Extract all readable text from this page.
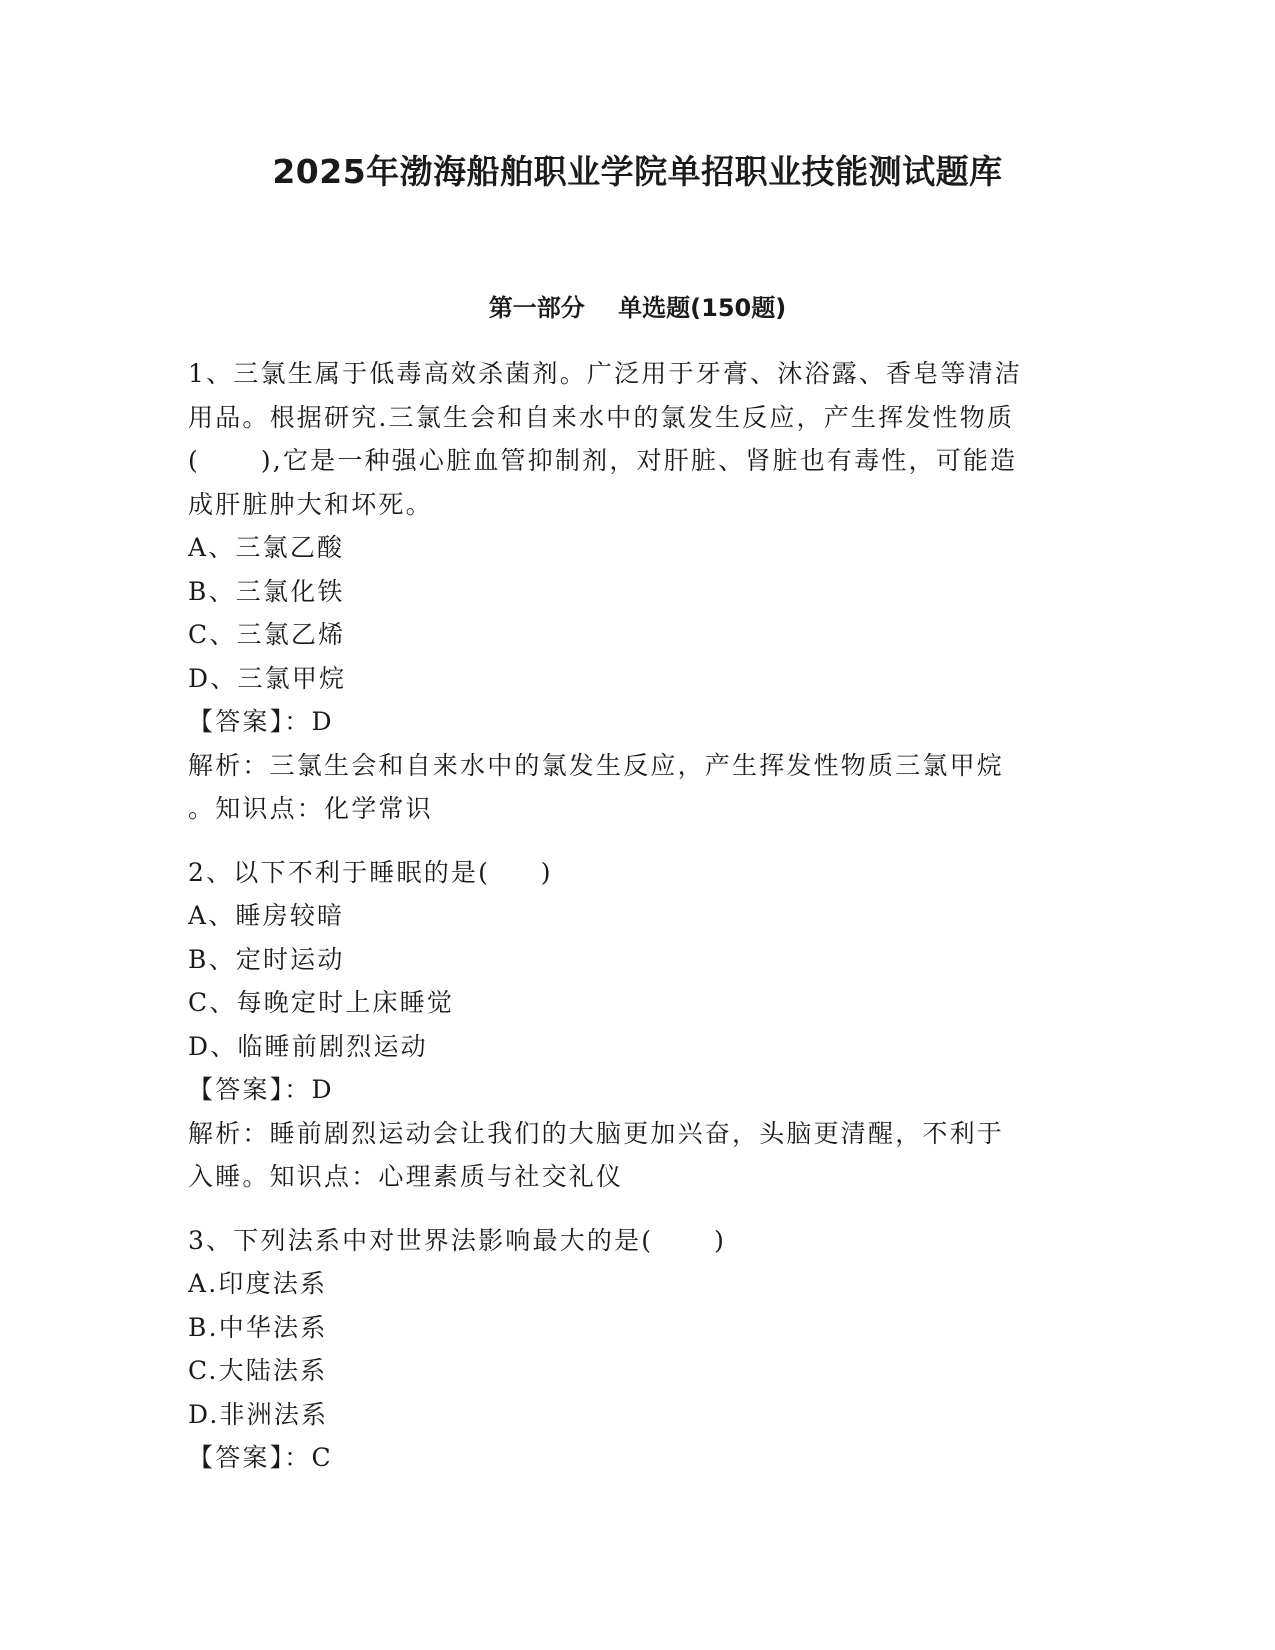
2025年渤海船舶职业学院单招职业技能测试题库
第一部分    单选题(150题)
1、三氯生属于低毒高效杀菌剂。广泛用于牙膏、沐浴露、香皂等清洁
用品。根据研究.三氯生会和自来水中的氯发生反应，产生挥发性物质
(      ),它是一种强心脏血管抑制剂，对肝脏、肾脏也有毒性，可能造
成肝脏肿大和坏死。
A、三氯乙酸
B、三氯化铁
C、三氯乙烯
D、三氯甲烷
【答案】：D
解析：三氯生会和自来水中的氯发生反应，产生挥发性物质三氯甲烷
。知识点：化学常识
2、以下不利于睡眠的是(     )
A、睡房较暗
B、定时运动
C、每晚定时上床睡觉
D、临睡前剧烈运动
【答案】：D
解析：睡前剧烈运动会让我们的大脑更加兴奋，头脑更清醒，不利于
入睡。知识点：心理素质与社交礼仪
3、下列法系中对世界法影响最大的是(      )
A.印度法系
B.中华法系
C.大陆法系
D.非洲法系
【答案】：C
